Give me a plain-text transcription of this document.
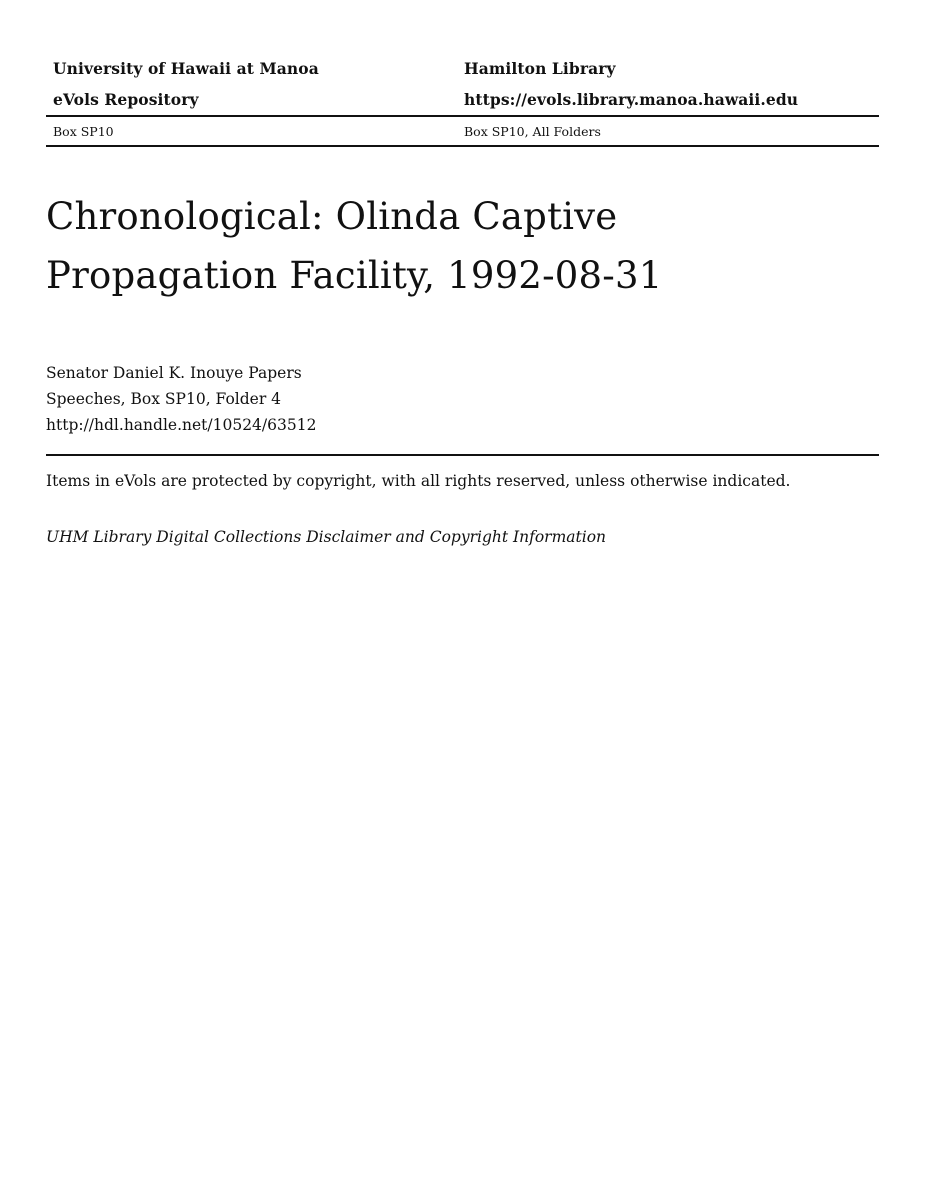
University of Hawaii at Manoa	Hamilton Library
eVols Repository	https://evols.library.manoa.hawaii.edu
Box SP10	Box SP10, All Folders
Chronological: Olinda Captive Propagation Facility, 1992-08-31
Senator Daniel K. Inouye Papers
Speeches, Box SP10, Folder 4
http://hdl.handle.net/10524/63512
Items in eVols are protected by copyright, with all rights reserved, unless otherwise indicated.
UHM Library Digital Collections Disclaimer and Copyright Information
